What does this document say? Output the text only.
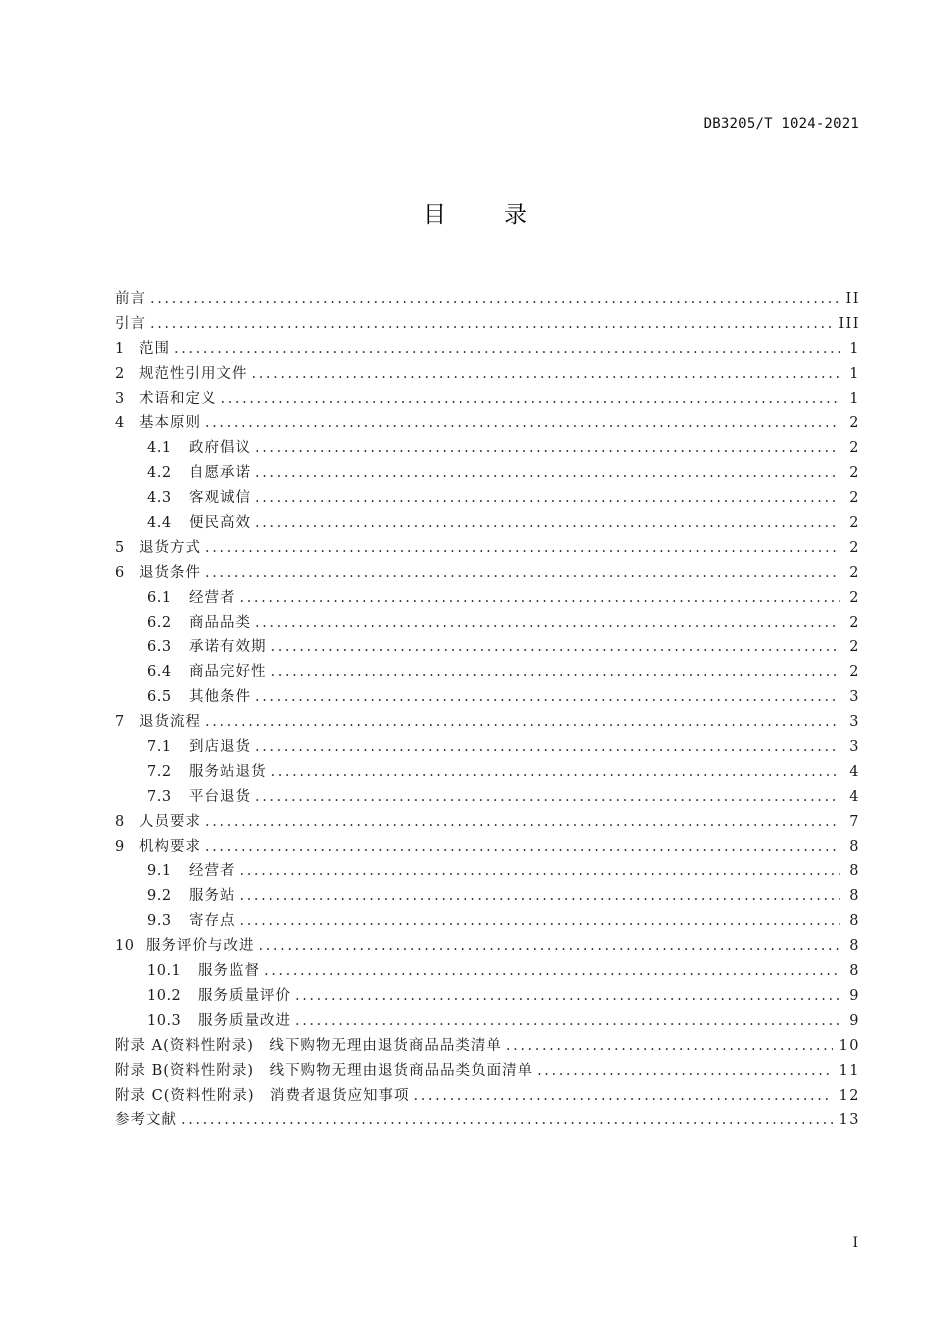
DB3205/T 1024-2021
目	录
前言 .....	II
引言 .....	III
1 范围 .....	1
2 规范性引用文件 .....	1
3 术语和定义 .....	1
4 基本原则 .....	2
4.1	政府倡议 .....	2
4.2	自愿承诺 .....	2
4.3	客观诚信 .....	2
4.4	便民高效 .....	2
5 退货方式 .....	2
6 退货条件 .....	2
6.1	经营者 .....	2
6.2	商品品类 .....	2
6.3	承诺有效期 .....	2
6.4	商品完好性 .....	2
6.5	其他条件 .....	3
7 退货流程 .....	3
7.1	到店退货 .....	3
7.2	服务站退货 .....	4
7.3	平台退货 .....	4
8 人员要求 .....	7
9 机构要求 .....	8
9.1	经营者 .....	8
9.2	服务站 .....	8
9.3	寄存点 .....	8
10 服务评价与改进 .....	8
10.1	服务监督 .....	8
10.2	服务质量评价 .....	9
10.3	服务质量改进 .....	9
附录 A(资料性附录)　线下购物无理由退货商品品类清单 .....	10
附录 B(资料性附录)　线下购物无理由退货商品品类负面清单 .....	11
附录 C(资料性附录)　消费者退货应知事项 .....	12
参考文献 .....	13
I
